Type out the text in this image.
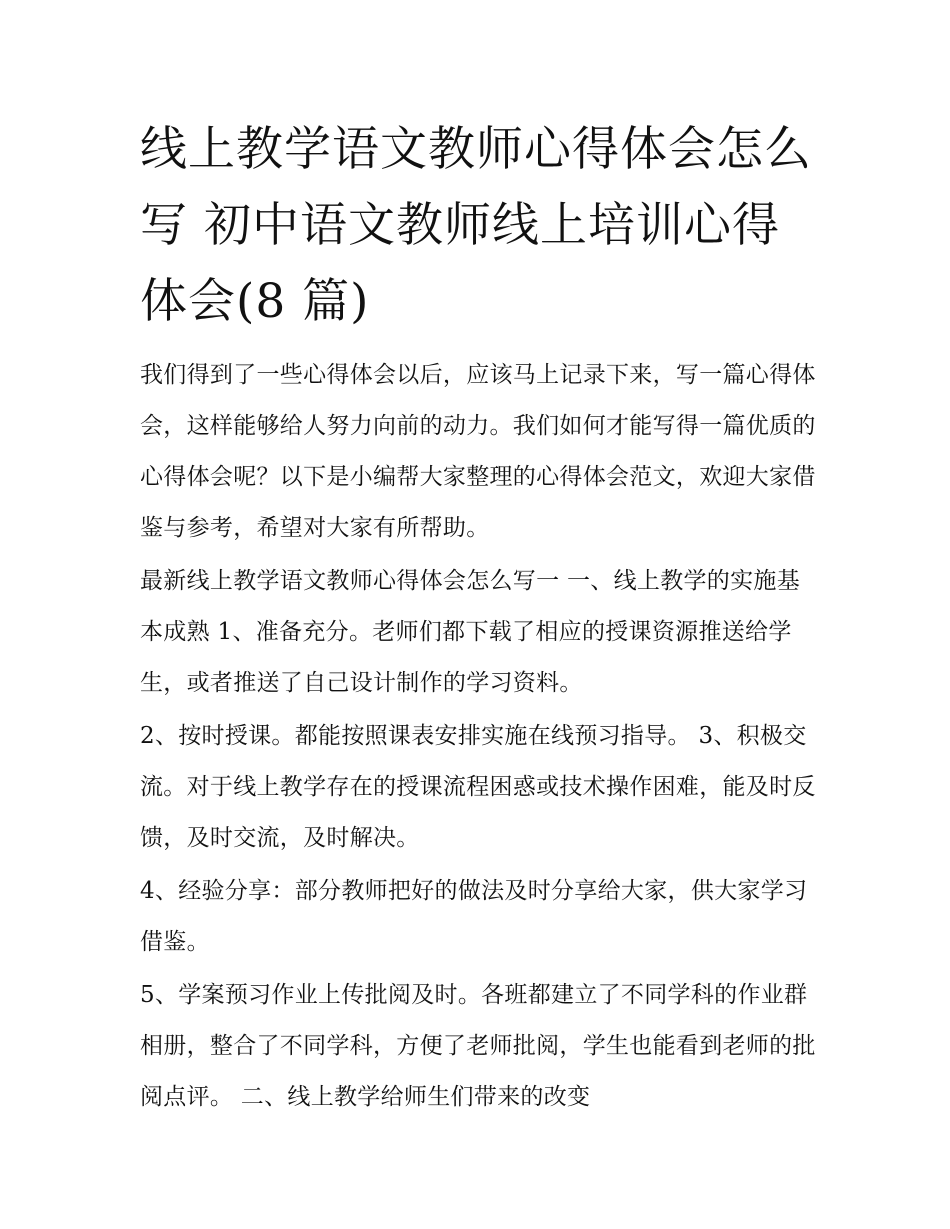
线上教学语文教师心得体会怎么写 初中语文教师线上培训心得体会(8 篇)

我们得到了一些心得体会以后，应该马上记录下来，写一篇心得体会，这样能够给人努力向前的动力。我们如何才能写得一篇优质的心得体会呢？以下是小编帮大家整理的心得体会范文，欢迎大家借鉴与参考，希望对大家有所帮助。

最新线上教学语文教师心得体会怎么写一 一、线上教学的实施基本成熟 1、准备充分。老师们都下载了相应的授课资源推送给学生，或者推送了自己设计制作的学习资料。

2、按时授课。都能按照课表安排实施在线预习指导。 3、积极交流。对于线上教学存在的授课流程困惑或技术操作困难，能及时反馈，及时交流，及时解决。

4、经验分享：部分教师把好的做法及时分享给大家，供大家学习借鉴。

5、学案预习作业上传批阅及时。各班都建立了不同学科的作业群相册，整合了不同学科，方便了老师批阅，学生也能看到老师的批阅点评。 二、线上教学给师生们带来的改变
